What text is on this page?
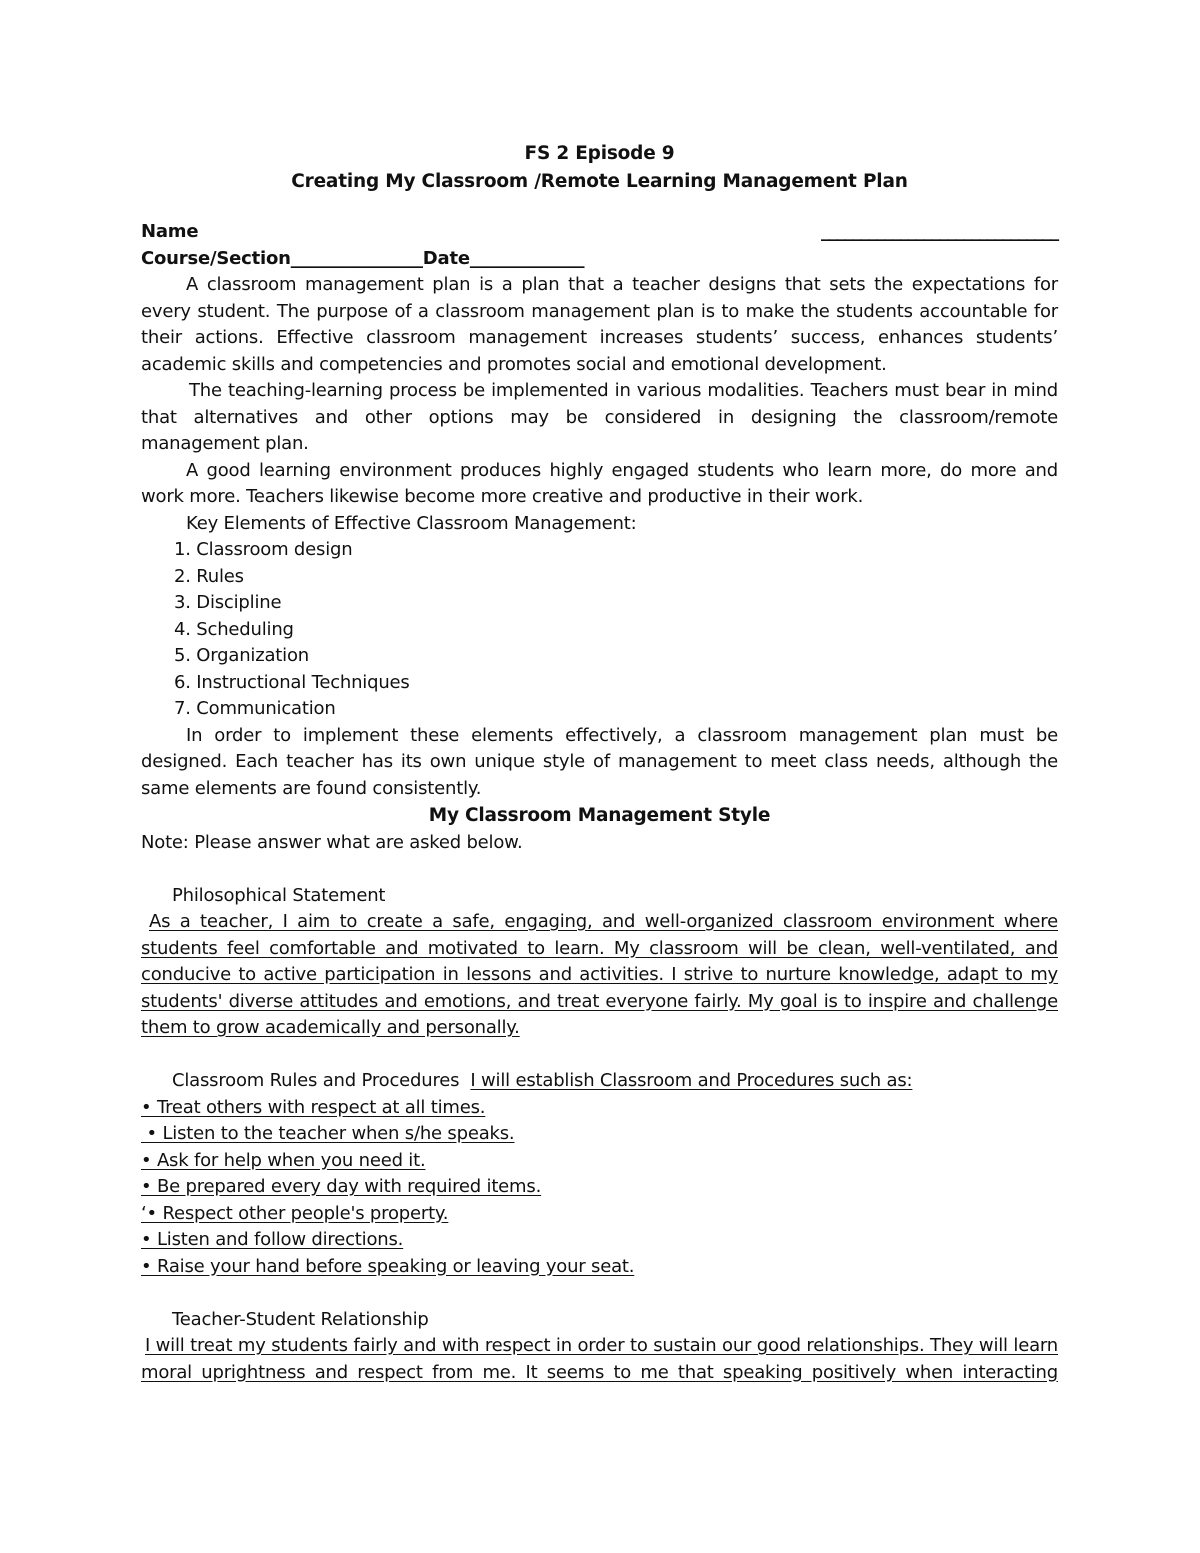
FS 2 Episode 9
Creating My Classroom /Remote Learning Management Plan
Name	______________________________
Course/Section_______________Date_____________
A classroom management plan is a plan that a teacher designs that sets the expectations for every student. The purpose of a classroom management plan is to make the students accountable for their actions. Effective classroom management increases students’ success, enhances students’ academic skills and competencies and promotes social and emotional development.
The teaching-learning process be implemented in various modalities. Teachers must bear in mind that alternatives and other options may be considered in designing the classroom/remote management plan.
A good learning environment produces highly engaged students who learn more, do more and work more. Teachers likewise become more creative and productive in their work.
Key Elements of Effective Classroom Management:
1. Classroom design
2. Rules
3. Discipline
4. Scheduling
5. Organization
6. Instructional Techniques
7. Communication
In order to implement these elements effectively, a classroom management plan must be designed. Each teacher has its own unique style of management to meet class needs, although the same elements are found consistently.
My Classroom Management Style
Note: Please answer what are asked below.
Philosophical Statement
As a teacher, I aim to create a safe, engaging, and well-organized classroom environment where students feel comfortable and motivated to learn. My classroom will be clean, well-ventilated, and conducive to active participation in lessons and activities. I strive to nurture knowledge, adapt to my students' diverse attitudes and emotions, and treat everyone fairly. My goal is to inspire and challenge them to grow academically and personally.
Classroom Rules and Procedures I will establish Classroom and Procedures such as:
• Treat others with respect at all times.
• Listen to the teacher when s/he speaks.
• Ask for help when you need it.
• Be prepared every day with required items.
‘• Respect other people's property.
• Listen and follow directions.
• Raise your hand before speaking or leaving your seat.
Teacher-Student Relationship
I will treat my students fairly and with respect in order to sustain our good relationships. They will learn moral uprightness and respect from me. It seems to me that speaking positively when interacting
